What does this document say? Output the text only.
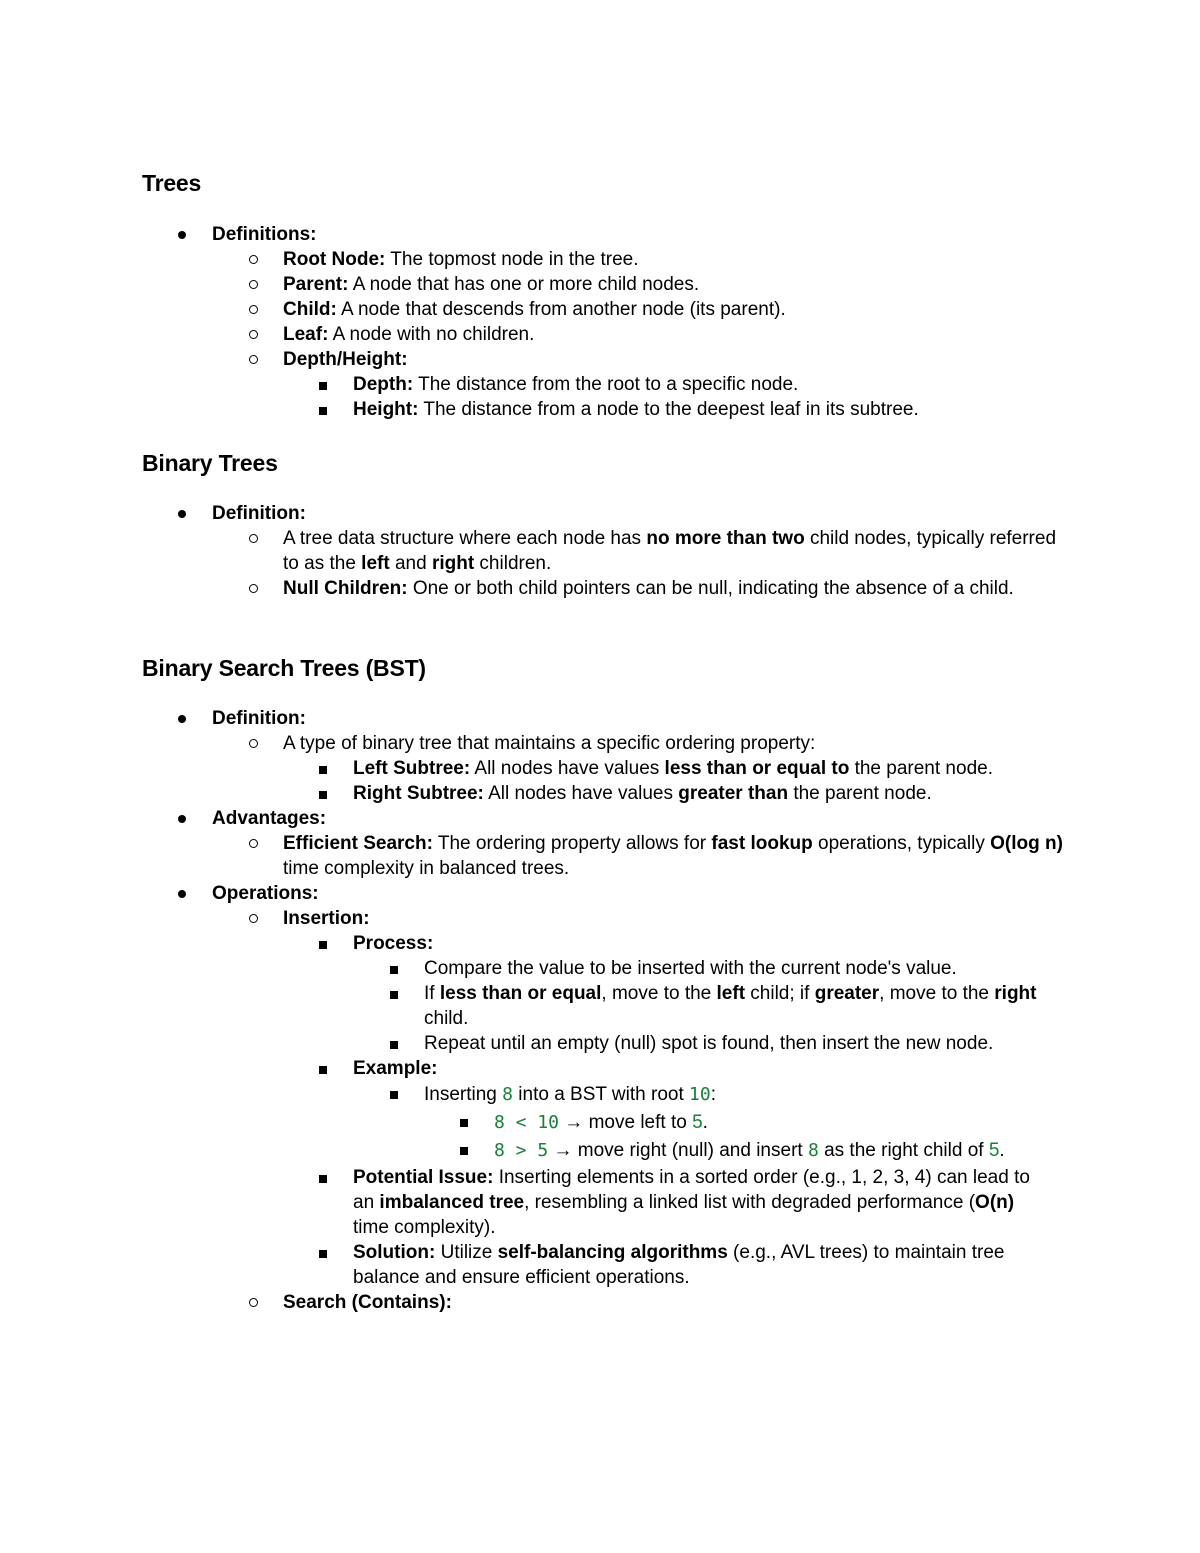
Trees
Definitions:
Root Node: The topmost node in the tree.
Parent: A node that has one or more child nodes.
Child: A node that descends from another node (its parent).
Leaf: A node with no children.
Depth/Height:
Depth: The distance from the root to a specific node.
Height: The distance from a node to the deepest leaf in its subtree.
Binary Trees
Definition:
A tree data structure where each node has no more than two child nodes, typically referred to as the left and right children.
Null Children: One or both child pointers can be null, indicating the absence of a child.
Binary Search Trees (BST)
Definition:
A type of binary tree that maintains a specific ordering property:
Left Subtree: All nodes have values less than or equal to the parent node.
Right Subtree: All nodes have values greater than the parent node.
Advantages:
Efficient Search: The ordering property allows for fast lookup operations, typically O(log n) time complexity in balanced trees.
Operations:
Insertion:
Process:
Compare the value to be inserted with the current node's value.
If less than or equal, move to the left child; if greater, move to the right child.
Repeat until an empty (null) spot is found, then insert the new node.
Example:
Inserting 8 into a BST with root 10:
8 < 10 → move left to 5.
8 > 5 → move right (null) and insert 8 as the right child of 5.
Potential Issue: Inserting elements in a sorted order (e.g., 1, 2, 3, 4) can lead to an imbalanced tree, resembling a linked list with degraded performance (O(n) time complexity).
Solution: Utilize self-balancing algorithms (e.g., AVL trees) to maintain tree balance and ensure efficient operations.
Search (Contains):
